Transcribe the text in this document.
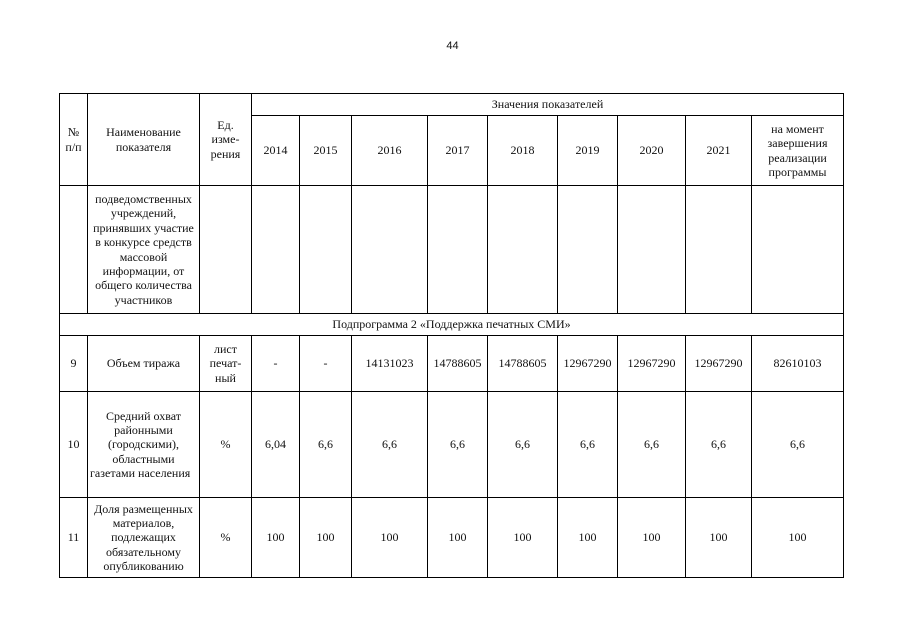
44
№ п/п	Наименование показателя	Ед. изме-рения	Значения показателей								
			2014	2015	2016	2017	2018	2019	2020	2021	на момент завершения реализации программы
	подведомственных учреждений, принявших участие в конкурсе средств массовой информации, от общего количества участников										
Подпрограмма 2 «Поддержка печатных СМИ»											
9	Объем тиража	лист печат-ный	-	-	14131023	14788605	14788605	12967290	12967290	12967290	82610103
10	Средний охват районными (городскими), областными газетами населения	%	6,04	6,6	6,6	6,6	6,6	6,6	6,6	6,6	6,6
11	Доля размещенных материалов, подлежащих обязательному опубликованию	%	100	100	100	100	100	100	100	100	100
